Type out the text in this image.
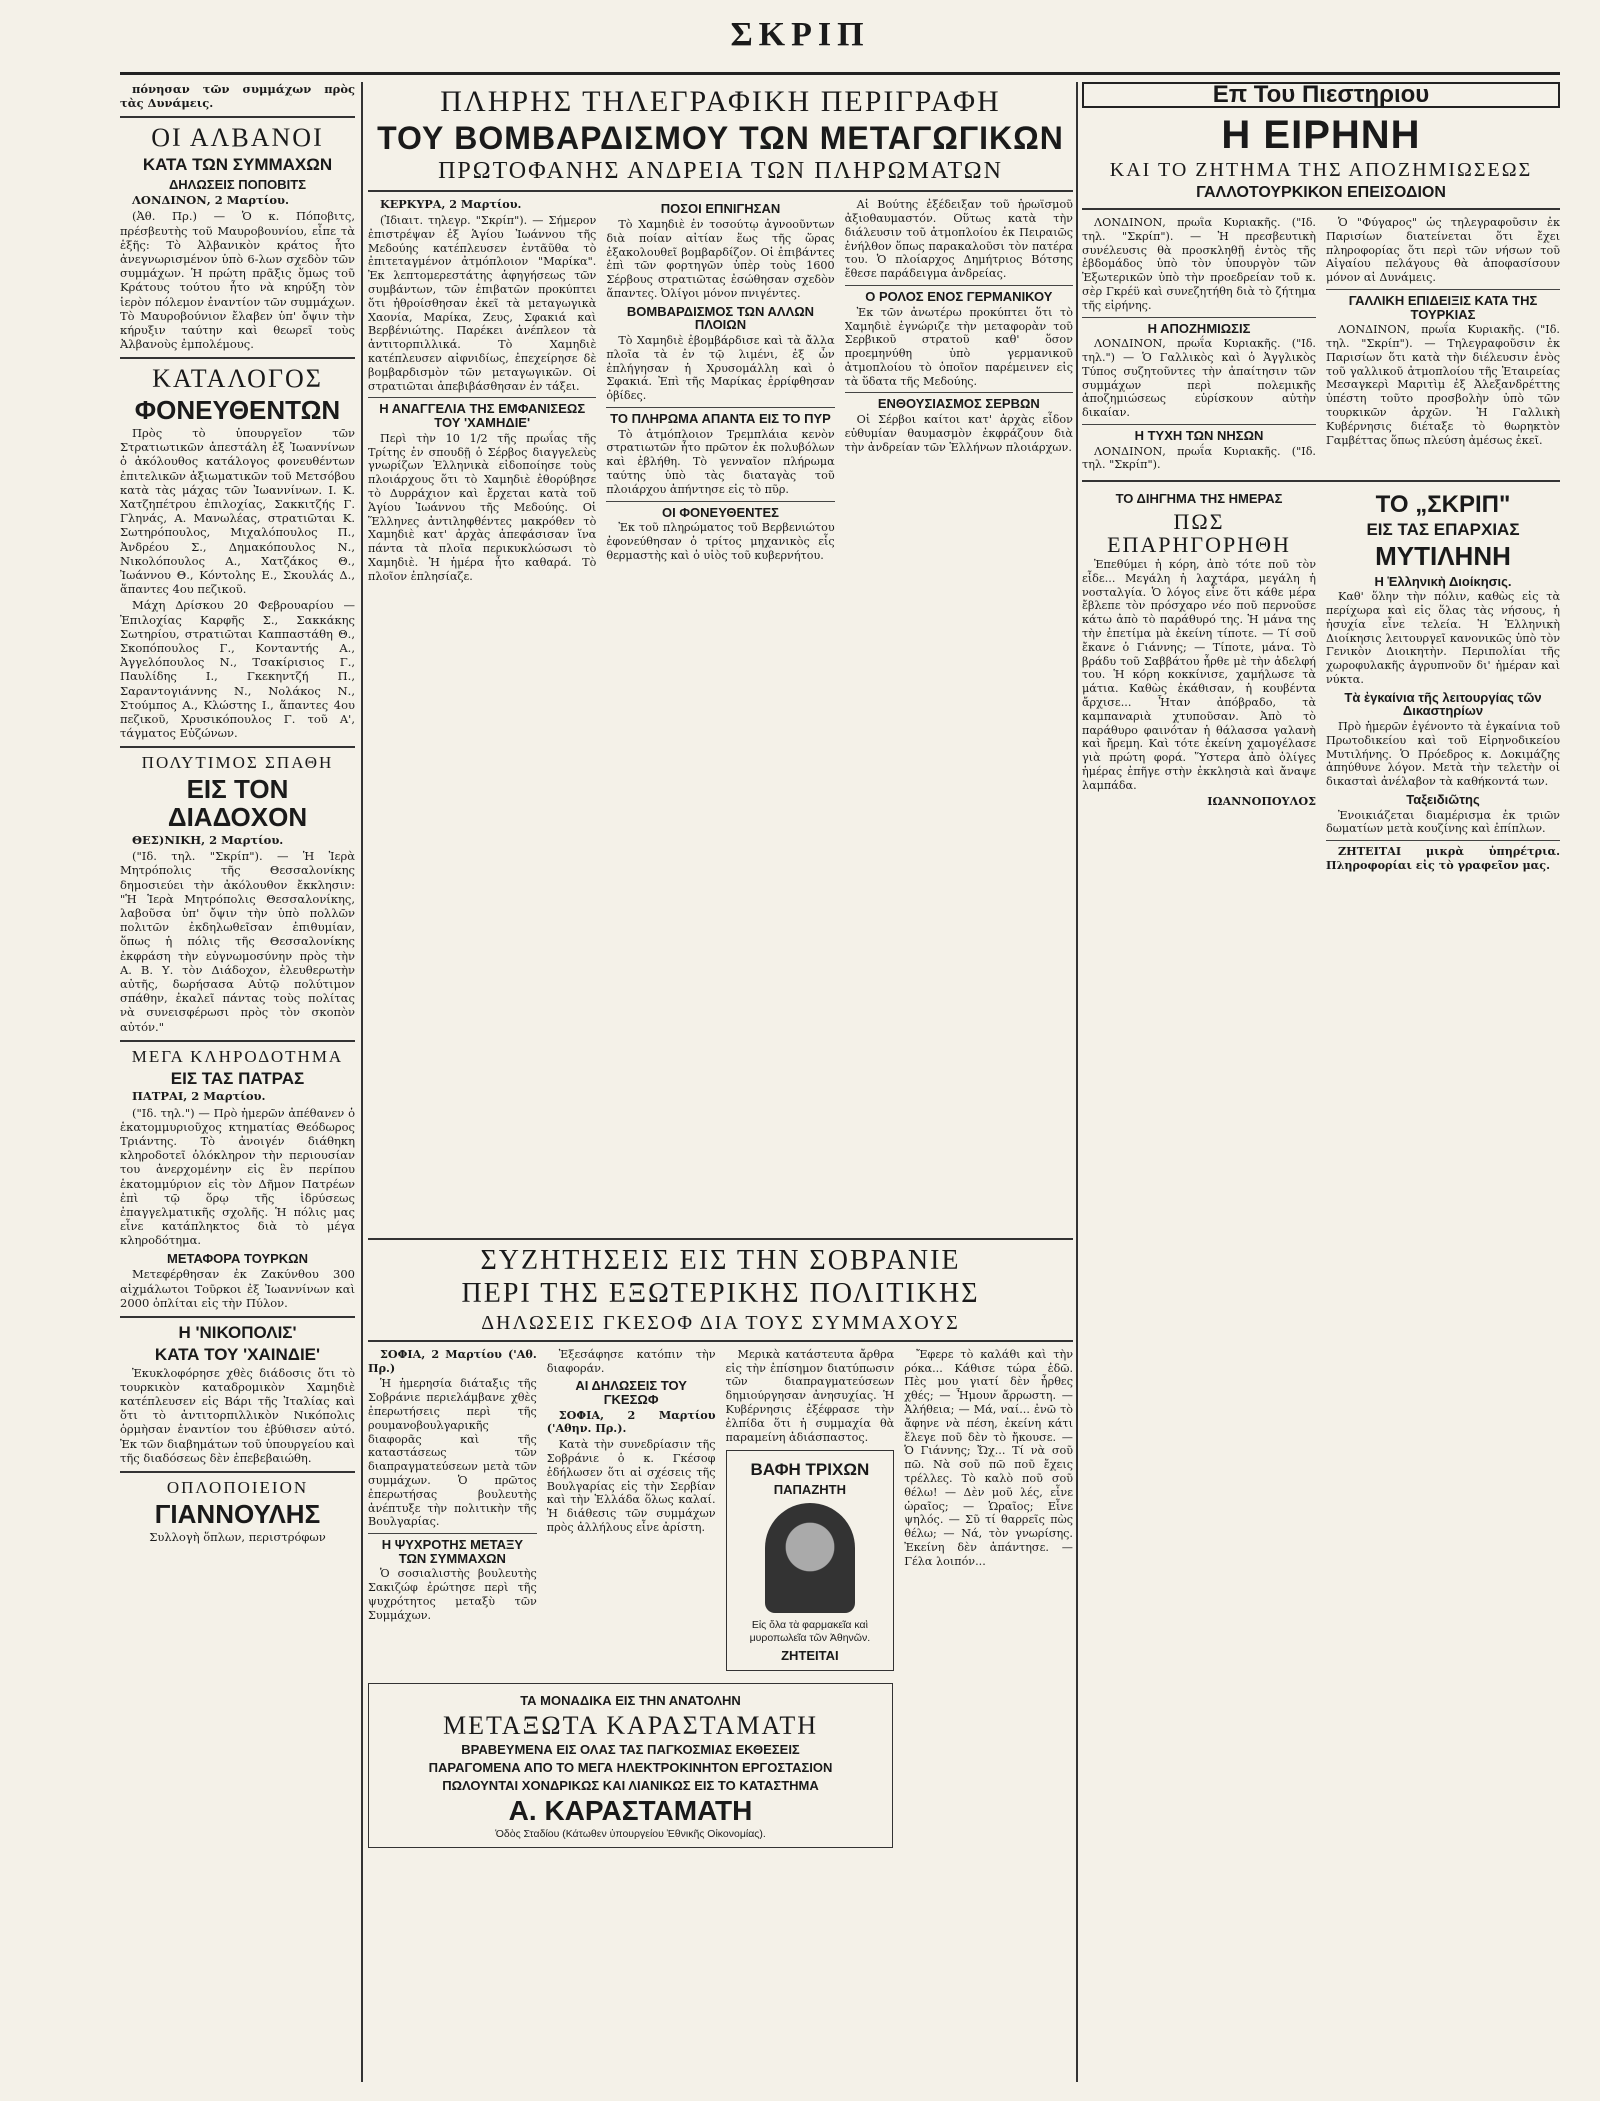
ΣΚΡΙΠ

πόνησαν τῶν συμμάχων πρὸς τὰς Δυνάμεις.

ΟΙ ΑΛΒΑΝΟΙ
ΚΑΤΑ ΤΩΝ ΣΥΜΜΑΧΩΝ
ΔΗΛΩΣΕΙΣ ΠΟΠΟΒΙΤΣ

ΛΟΝΔΙΝΟΝ, 2 Μαρτίου.

(Ἀθ. Πρ.) — Ὁ κ. Πόποβιτς, πρέσβευτὴς τοῦ Μαυροβουνίου, εἶπε τὰ ἑξῆς: Τὸ Ἀλβανικὸν κράτος ἦτο ἀνεγνωρισμένον ὑπὸ 6-λων σχεδὸν τῶν συμμάχων. Ἡ πρώτη πρᾶξις ὅμως τοῦ Κράτους τούτου ἦτο νὰ κηρύξη τὸν ἱερὸν πόλεμον ἐναντίον τῶν συμμάχων. Τὸ Μαυροβούνιον ἔλαβεν ὑπ' ὄψιν τὴν κήρυξιν ταύτην καὶ θεωρεῖ τοὺς Ἀλβανοὺς ἐμπολέμους.

ΚΑΤΑΛΟΓΟΣ
ΦΟΝΕΥΘΕΝΤΩΝ

Πρὸς τὸ ὑπουργεῖον τῶν Στρατιωτικῶν ἀπεστάλη ἐξ Ἰωαννίνων ὁ ἀκόλουθος κατάλογος φονευθέντων ἐπιτελικῶν ἀξιωματικῶν τοῦ Μετσόβου κατὰ τὰς μάχας τῶν Ἰωαννίνων. Ι. Κ. Χατζηπέτρου ἐπιλοχίας, Σακκιτζής Γ. Γληνάς, Α. Μανωλέας, στρατιῶται Κ. Σωτηρόπουλος, Μιχαλόπουλος Π., Ἀνδρέου Σ., Δημακόπουλος Ν., Νικολόπουλος Α., Χατζάκος Θ., Ἰωάννου Θ., Κόντολης Ε., Σκουλάς Δ., ἅπαντες 4ου πεζικοῦ.

Μάχη Δρίσκου 20 Φεβρουαρίου — Ἐπιλοχίας Καρφῆς Σ., Σακκάκης Σωτηρίου, στρατιῶται Καππαστάθη Θ., Σκοπόπουλος Γ., Κονταντής Α., Ἀγγελόπουλος Ν., Τσακίρισιος Γ., Παυλίδης Ι., Γκεκηντζή Π., Σαραντογιάννης Ν., Νολάκος Ν., Στούμπος Α., Κλώστης Ι., ἅπαντες 4ου πεζικοῦ, Χρυσικόπουλος Γ. τοῦ Α', τάγματος Εὐζώνων.

ΠΟΛΥΤΙΜΟΣ ΣΠΑΘΗ
ΕΙΣ ΤΟΝ ΔΙΑΔΟΧΟΝ

ΘΕΣ)ΝΙΚΗ, 2 Μαρτίου.

("Ιδ. τηλ. "Σκρίπ"). — Ἡ Ἱερὰ Μητρόπολις τῆς Θεσσαλονίκης δημοσιεύει τὴν ἀκόλουθον ἔκκλησιν: "Ἡ Ἱερὰ Μητρόπολις Θεσσαλονίκης, λαβοῦσα ὑπ' ὄψιν τὴν ὑπὸ πολλῶν πολιτῶν ἐκδηλωθεῖσαν ἐπιθυμίαν, ὅπως ἡ πόλις τῆς Θεσσαλονίκης ἐκφράση τὴν εὐγνωμοσύνην πρὸς τὴν Α. Β. Υ. τὸν Διάδοχον, ἐλευθερωτὴν αὐτῆς, δωρήσασα Αὐτῷ πολύτιμον σπάθην, ἐκαλεῖ πάντας τοὺς πολίτας νὰ συνεισφέρωσι πρὸς τὸν σκοπὸν αὐτόν."

ΜΕΓΑ ΚΛΗΡΟΔΟΤΗΜΑ
ΕΙΣ ΤΑΣ ΠΑΤΡΑΣ

ΠΑΤΡΑΙ, 2 Μαρτίου.

("Ιδ. τηλ.") — Πρὸ ἡμερῶν ἀπέθανεν ὁ ἑκατομμυριοῦχος κτηματίας Θεόδωρος Τριάντης. Τὸ ἀνοιγέν διάθηκη κληροδοτεῖ ὁλόκληρον τὴν περιουσίαν του ἀνερχομένην εἰς ἓν περίπου ἑκατομμύριον εἰς τὸν Δῆμον Πατρέων ἐπὶ τῷ ὅρῳ τῆς ἱδρύσεως ἐπαγγελματικῆς σχολῆς. Ἡ πόλις μας εἶνε κατάπληκτος διὰ τὸ μέγα κληροδότημα.

ΜΕΤΑΦΟΡΑ ΤΟΥΡΚΩΝ

Μετεφέρθησαν ἐκ Ζακύνθου 300 αἰχμάλωτοι Τοῦρκοι ἐξ Ἰωαννίνων καὶ 2000 ὁπλίται εἰς τὴν Πύλον.

Η 'ΝΙΚΟΠΟΛΙΣ'
ΚΑΤΑ ΤΟΥ 'ΧΑΙΝΔΙΕ'

Ἐκυκλοφόρησε χθὲς διάδοσις ὅτι τὸ τουρκικὸν καταδρομικὸν Χαμηδιὲ κατέπλευσεν εἰς Βάρι τῆς Ἰταλίας καὶ ὅτι τὸ ἀντιτορπιλλικὸν Νικόπολις ὁρμὴσαν ἐναντίον του ἐβύθισεν αὐτό. Ἐκ τῶν διαβημάτων τοῦ ὑπουργείου καὶ τῆς διαδόσεως δὲν ἐπεβεβαιώθη.

ΟΠΛΟΠΟΙΕΙΟΝ
ΓΙΑΝΝΟΥΛΗΣ

Συλλογὴ ὅπλων, περιστρόφων

ΠΛΗΡΗΣ ΤΗΛΕΓΡΑΦΙΚΗ ΠΕΡΙΓΡΑΦΗ
ΤΟΥ ΒΟΜΒΑΡΔΙΣΜΟΥ ΤΩΝ ΜΕΤΑΓΩΓΙΚΩΝ
ΠΡΩΤΟΦΑΝΗΣ ΑΝΔΡΕΙΑ ΤΩΝ ΠΛΗΡΩΜΑΤΩΝ

ΚΕΡΚΥΡΑ, 2 Μαρτίου.

(Ἰδιαιτ. τηλεγρ. "Σκρίπ"). — Σήμερον ἐπιστρέψαν ἐξ Ἁγίου Ἰωάννου τῆς Μεδούης κατέπλευσεν ἐντᾶῦθα τὸ ἐπιτεταγμένον ἀτμόπλοιον "Μαρίκα". Ἐκ λεπτομερεστάτης ἀφηγήσεως τῶν συμβάντων, τῶν ἐπιβατῶν προκύπτει ὅτι ἠθροίσθησαν ἐκεῖ τὰ μεταγωγικὰ Χαονία, Μαρίκα, Ζευς, Σφακιά καὶ Βερβένιώτης. Παρέκει ἀνέπλεον τὰ ἀντιτορπιλλικά. Τὸ Χαμηδιὲ κατέπλευσεν αἰφνιδίως, ἐπεχείρησε δὲ βομβαρδισμὸν τῶν μεταγωγικῶν. Οἱ στρατιῶται ἀπεβιβάσθησαν ἐν τάξει.

Η ΑΝΑΓΓΕΛΙΑ ΤΗΣ ΕΜΦΑΝΙΣΕΩΣ ΤΟΥ 'ΧΑΜΗΔΙΕ'

Περὶ τὴν 10 1/2 τῆς πρωΐας τῆς Τρίτης ἐν σπουδῇ ὁ Σέρβος διαγγελεὺς γνωρίζων Ἑλληνικὰ εἰδοποίησε τοὺς πλοιάρχους ὅτι τὸ Χαμηδιὲ ἐθορύβησε τὸ Δυρράχιον καὶ ἔρχεται κατὰ τοῦ Ἁγίου Ἰωάννου τῆς Μεδούης. Οἱ Ἕλληνες ἀντιληφθέντες μακρόθεν τὸ Χαμηδιὲ κατ' ἀρχὰς ἀπεφάσισαν ἵνα πάντα τὰ πλοῖα περικυκλώσωσι τὸ Χαμηδιὲ. Ἡ ἡμέρα ἦτο καθαρά. Τὸ πλοῖον ἐπλησίαζε.

ΠΟΣΟΙ ΕΠΝΙΓΗΣΑΝ

Τὸ Χαμηδιὲ ἐν τοσούτῳ ἀγνοοῦντων διὰ ποίαν αἰτίαν ἕως τῆς ὥρας ἐξακολουθεῖ βομβαρδίζον. Οἱ ἐπιβάντες ἐπὶ τῶν φορτηγῶν ὑπὲρ τοὺς 1600 Σέρβους στρατιῶτας ἐσώθησαν σχεδὸν ἅπαντες. Ὀλίγοι μόνον πνιγέντες.

ΒΟΜΒΑΡΔΙΣΜΟΣ ΤΩΝ ΑΛΛΩΝ ΠΛΟΙΩΝ

Τὸ Χαμηδιὲ ἐβομβάρδισε καὶ τὰ ἄλλα πλοῖα τὰ ἐν τῷ λιμένι, ἐξ ὧν ἐπλήγησαν ἡ Χρυσομάλλη καὶ ὁ Σφακιά. Ἐπὶ τῆς Μαρίκας ἐρρίφθησαν ὀβίδες.

ΤΟ ΠΛΗΡΩΜΑ ΑΠΑΝΤΑ ΕΙΣ ΤΟ ΠΥΡ

Τὸ ἀτμόπλοιον Τρεμπλάια κενὸν στρατιωτῶν ἦτο πρῶτον ἐκ πολυβόλων καὶ ἐβλήθη. Τὸ γενναῖον πλήρωμα ταύτης ὑπὸ τὰς διαταγὰς τοῦ πλοιάρχου ἀπήντησε εἰς τὸ πῦρ.

ΟΙ ΦΟΝΕΥΘΕΝΤΕΣ

Ἐκ τοῦ πληρώματος τοῦ Βερβενιώτου ἐφονεύθησαν ὁ τρίτος μηχανικὸς εἷς θερμαστὴς καὶ ὁ υἱὸς τοῦ κυβερνήτου.

Αἱ Βούτης ἐξέδειξαν τοῦ ἡρωϊσμοῦ ἀξιοθαυμαστόν. Οὕτως κατὰ τὴν διάλευσιν τοῦ ἀτμοπλοίου ἐκ Πειραιῶς ἐνήλθον ὅπως παρακαλοῦσι τὸν πατέρα του. Ὁ πλοίαρχος Δημήτριος Βότσης ἔθεσε παράδειγμα ἀνδρείας.

Ο ΡΟΛΟΣ ΕΝΟΣ ΓΕΡΜΑΝΙΚΟΥ

Ἐκ τῶν ἀνωτέρω προκύπτει ὅτι τὸ Χαμηδιὲ ἐγνώριζε τὴν μεταφορὰν τοῦ Σερβικοῦ στρατοῦ καθ' ὅσον προεμηνύθη ὑπὸ γερμανικοῦ ἀτμοπλοίου τὸ ὁποῖον παρέμεινεν εἰς τὰ ὕδατα τῆς Μεδούης.

ΕΝΘΟΥΣΙΑΣΜΟΣ ΣΕΡΒΩΝ

Οἱ Σέρβοι καίτοι κατ' ἀρχὰς εἶδον εὐθυμίαν θαυμασμὸν ἐκφράζουν διὰ τὴν ἀνδρείαν τῶν Ἑλλήνων πλοιάρχων.

ΣΥΖΗΤΗΣΕΙΣ ΕΙΣ ΤΗΝ ΣΟΒΡΑΝΙΕ
ΠΕΡΙ ΤΗΣ ΕΞΩΤΕΡΙΚΗΣ ΠΟΛΙΤΙΚΗΣ
ΔΗΛΩΣΕΙΣ ΓΚΕΣΟΦ ΔΙΑ ΤΟΥΣ ΣΥΜΜΑΧΟΥΣ

ΣΟΦΙΑ, 2 Μαρτίου ('Αθ. Πρ.)

Ἡ ἡμερησία διάταξις τῆς Σοβράνιε περιελάμβανε χθὲς ἐπερωτήσεις περὶ τῆς ρουμανοβουλγαρικῆς διαφορᾶς καὶ τῆς καταστάσεως τῶν διαπραγματεύσεων μετὰ τῶν συμμάχων. Ὁ πρῶτος ἐπερωτήσας βουλευτὴς ἀνέπτυξε τὴν πολιτικὴν τῆς Βουλγαρίας.

Η ΨΥΧΡΟΤΗΣ ΜΕΤΑΞΥ ΤΩΝ ΣΥΜΜΑΧΩΝ

Ὁ σοσιαλιστὴς βουλευτὴς Σακιζώφ ἐρώτησε περὶ τῆς ψυχρότητος μεταξὺ τῶν Συμμάχων.

Ἐξεσάφησε κατόπιν τὴν διαφοράν.

ΑΙ ΔΗΛΩΣΕΙΣ ΤΟΥ ΓΚΕΣΩΦ

ΣΟΦΙΑ, 2 Μαρτίου ('Αθην. Πρ.).

Κατὰ τὴν συνεδρίασιν τῆς Σοβράνιε ὁ κ. Γκέσοφ ἐδήλωσεν ὅτι αἱ σχέσεις τῆς Βουλγαρίας εἰς τὴν Σερβίαν καὶ τὴν Ἑλλάδα ὅλως καλαί. Ἡ διάθεσις τῶν συμμάχων πρὸς ἀλλήλους εἶνε ἀρίστη.

Μερικὰ κατάστευτα ἄρθρα εἰς τὴν ἐπίσημον διατύπωσιν τῶν διαπραγματεύσεων δημιούργησαν ἀνησυχίας. Ἡ Κυβέρνησις ἐξέφρασε τὴν ἐλπίδα ὅτι ἡ συμμαχία θὰ παραμείνη ἀδιάσπαστος.

ΒΑΦΗ ΤΡΙΧΩΝ
ΠΑΠΑΖΗΤΗ
Εἰς ὅλα τὰ φαρμακεῖα καὶ μυροπωλεῖα τῶν Ἀθηνῶν.
ΖΗΤΕΙΤΑΙ

Ἔφερε τὸ καλάθι καὶ τὴν ρόκα... Κάθισε τώρα ἐδῶ. Πὲς μου γιατί δὲν ἦρθες χθές; — Ἦμουν ἄρρωστη. — Ἀλήθεια; — Μά, ναί... ἐνῶ τὸ ἄφηνε νὰ πέση, ἐκείνη κάτι ἔλεγε ποῦ δὲν τὸ ἤκουσε. — Ὁ Γιάννης; Ὤχ... Τί νὰ σοῦ πῶ. Νὰ σοῦ πῶ ποῦ ἔχεις τρέλλες. Τὸ καλὸ ποῦ σοῦ θέλω! — Δὲν μοῦ λές, εἶνε ὡραῖος; — Ὡραῖος; Εἶνε ψηλός. — Σῦ τί θαρρεῖς πὼς θέλω; — Νά, τὸν γνωρίσης. Ἐκείνη δὲν ἀπάντησε. — Γέλα λοιπόν...

ΤΑ ΜΟΝΑΔΙΚΑ ΕΙΣ ΤΗΝ ΑΝΑΤΟΛΗΝ
ΜΕΤΑΞΩΤΑ ΚΑΡΑΣΤΑΜΑΤΗ
ΒΡΑΒΕΥΜΕΝΑ ΕΙΣ ΟΛΑΣ ΤΑΣ ΠΑΓΚΟΣΜΙΑΣ ΕΚΘΕΣΕΙΣ
ΠΑΡΑΓΟΜΕΝΑ ΑΠΟ ΤΟ ΜΕΓΑ ΗΛΕΚΤΡΟΚΙΝΗΤΟΝ ΕΡΓΟΣΤΑΣΙΟΝ
ΠΩΛΟΥΝΤΑΙ ΧΟΝΔΡΙΚΩΣ ΚΑΙ ΛΙΑΝΙΚΩΣ ΕΙΣ ΤΟ ΚΑΤΑΣΤΗΜΑ
Α. ΚΑΡΑΣΤΑΜΑΤΗ
Ὁδὸς Σταδίου (Κάτωθεν ὑπουργείου Ἐθνικῆς Οἰκονομίας).
Επ Του Πιεστηριου
Η ΕΙΡΗΝΗ
ΚΑΙ ΤΟ ΖΗΤΗΜΑ ΤΗΣ ΑΠΟΖΗΜΙΩΣΕΩΣ
ΓΑΛΛΟΤΟΥΡΚΙΚΟΝ ΕΠΕΙΣΟΔΙΟΝ

ΛΟΝΔΙΝΟΝ, πρωΐα Κυριακῆς. ("Ιδ. τηλ. "Σκρίπ"). — Ἡ πρεσβευτικὴ συνέλευσις θὰ προσκληθῇ ἐντὸς τῆς ἑβδομάδος ὑπὸ τὸν ὑπουργὸν τῶν Ἐξωτερικῶν ὑπὸ τὴν προεδρείαν τοῦ κ. σὲρ Γκρέϋ καὶ συνεζητήθη διὰ τὸ ζήτημα τῆς εἰρήνης.

Η ΑΠΟΖΗΜΙΩΣΙΣ

ΛΟΝΔΙΝΟΝ, πρωΐα Κυριακῆς. ("Ιδ. τηλ.") — Ὁ Γαλλικὸς καὶ ὁ Ἀγγλικὸς Τύπος συζητοῦντες τὴν ἀπαίτησιν τῶν συμμάχων περὶ πολεμικῆς ἀποζημιώσεως εὑρίσκουν αὐτὴν δικαίαν.

Η ΤΥΧΗ ΤΩΝ ΝΗΣΩΝ

ΛΟΝΔΙΝΟΝ, πρωΐα Κυριακῆς. ("Ιδ. τηλ. "Σκρίπ").

Ὁ "Φύγαρος" ὡς τηλεγραφοῦσιν ἐκ Παρισίων διατείνεται ὅτι ἔχει πληροφορίας ὅτι περὶ τῶν νήσων τοῦ Αἰγαίου πελάγους θὰ ἀποφασίσουν μόνον αἱ Δυνάμεις.

ΓΑΛΛΙΚΗ ΕΠΙΔΕΙΞΙΣ ΚΑΤΑ ΤΗΣ ΤΟΥΡΚΙΑΣ

ΛΟΝΔΙΝΟΝ, πρωΐα Κυριακῆς. ("Ιδ. τηλ. "Σκρίπ"). — Τηλεγραφοῦσιν ἐκ Παρισίων ὅτι κατὰ τὴν διέλευσιν ἑνὸς τοῦ γαλλικοῦ ἀτμοπλοίου τῆς Ἑταιρείας Μεσαγκερὶ Μαριτὶμ ἐξ Ἀλεξανδρέττης ὑπέστη τοῦτο προσβολὴν ὑπὸ τῶν τουρκικῶν ἀρχῶν. Ἡ Γαλλικὴ Κυβέρνησις διέταξε τὸ θωρηκτὸν Γαμβέττας ὅπως πλεύση ἀμέσως ἐκεῖ.

ΤΟ ΔΙΗΓΗΜΑ ΤΗΣ ΗΜΕΡΑΣ
ΠΩΣ ΕΠΑΡΗΓΟΡΗΘΗ

Ἐπεθύμει ἡ κόρη, ἀπὸ τότε ποῦ τὸν εἶδε... Μεγάλη ἡ λαχτάρα, μεγάλη ἡ νοσταλγία. Ὁ λόγος εἶνε ὅτι κάθε μέρα ἔβλεπε τὸν πρόσχαρο νέο ποῦ περνοῦσε κάτω ἀπὸ τὸ παράθυρό της. Ἡ μάνα της τὴν ἐπετίμα μὰ ἐκείνη τίποτε. — Τί σοῦ ἔκανε ὁ Γιάννης; — Τίποτε, μάνα. Τὸ βράδυ τοῦ Σαββάτου ἦρθε μὲ τὴν ἀδελφή του. Ἡ κόρη κοκκίνισε, χαμήλωσε τὰ μάτια. Καθὼς ἐκάθισαν, ἡ κουβέντα ἄρχισε... Ἦταν ἀπόβραδο, τὰ καμπαναριὰ χτυποῦσαν. Ἀπὸ τὸ παράθυρο φαινόταν ἡ θάλασσα γαλανὴ καὶ ἤρεμη. Καὶ τότε ἐκείνη χαμογέλασε γιὰ πρώτη φορά. Ὕστερα ἀπὸ ὀλίγες ἡμέρας ἐπῆγε στὴν ἐκκλησιὰ καὶ ἄναψε λαμπάδα.

ΙΩΑΝΝΟΠΟΥΛΟΣ

ΤΟ „ΣΚΡΙΠ"
ΕΙΣ ΤΑΣ ΕΠΑΡΧΙΑΣ
ΜΥΤΙΛΗΝΗ
Η Ἑλληνικὴ Διοίκησις.

Καθ' ὅλην τὴν πόλιν, καθὼς εἰς τὰ περίχωρα καὶ εἰς ὅλας τὰς νήσους, ἡ ἡσυχία εἶνε τελεία. Ἡ Ἑλληνικὴ Διοίκησις λειτουργεῖ κανονικῶς ὑπὸ τὸν Γενικὸν Διοικητὴν. Περιπολίαι τῆς χωροφυλακῆς ἀγρυπνοῦν δι' ἡμέραν καὶ νύκτα.

Τὰ ἐγκαίνια τῆς λειτουργίας τῶν Δικαστηρίων

Πρὸ ἡμερῶν ἐγένοντο τὰ ἐγκαίνια τοῦ Πρωτοδικείου καὶ τοῦ Εἰρηνοδικείου Μυτιλήνης. Ὁ Πρόεδρος κ. Δοκιμάζης ἀπηύθυνε λόγον. Μετὰ τὴν τελετὴν οἱ δικασταὶ ἀνέλαβον τὰ καθήκοντά των.

Ταξειδιῶτης

Ἐνοικιάζεται διαμέρισμα ἐκ τριῶν δωματίων μετὰ κουζίνης καὶ ἐπίπλων.

ΖΗΤΕΙΤΑΙ μικρὰ ὑπηρέτρια. Πληροφορίαι εἰς τὸ γραφεῖον μας.
